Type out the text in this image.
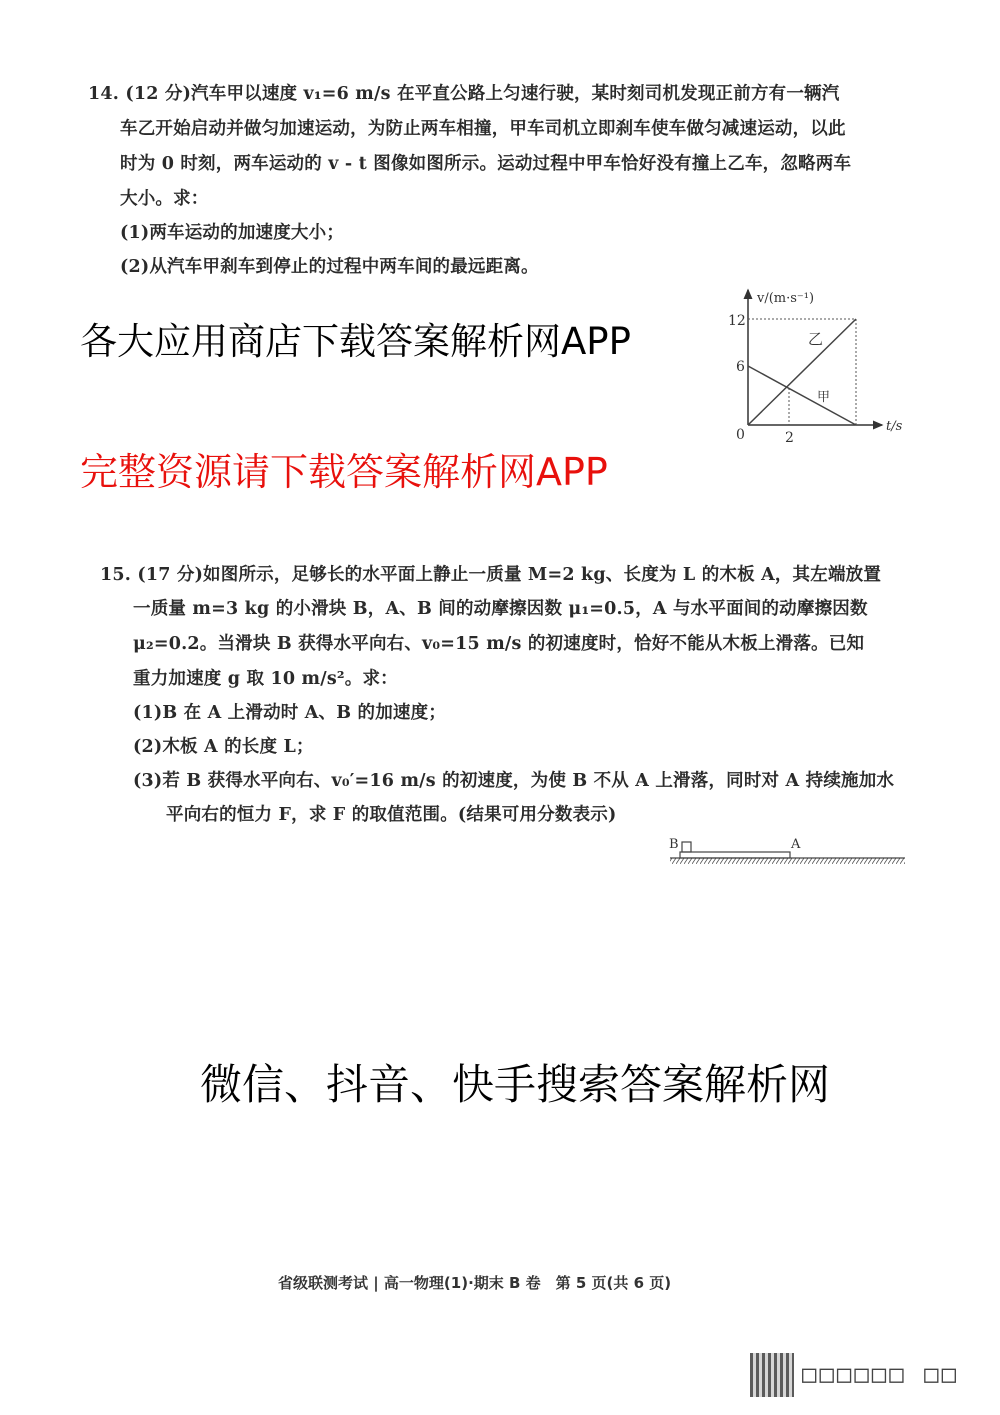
14. (12 分)汽车甲以速度 v₁=6 m/s 在平直公路上匀速行驶，某时刻司机发现正前方有一辆汽
车乙开始启动并做匀加速运动，为防止两车相撞，甲车司机立即刹车使车做匀减速运动，以此
时为 0 时刻，两车运动的 v - t 图像如图所示。运动过程中甲车恰好没有撞上乙车，忽略两车
大小。求：
(1)两车运动的加速度大小；
(2)从汽车甲刹车到停止的过程中两车间的最远距离。
v/(m·s⁻¹)
t/s
12
6
0	2
乙
甲
15. (17 分)如图所示，足够长的水平面上静止一质量 M=2 kg、长度为 L 的木板 A，其左端放置
一质量 m=3 kg 的小滑块 B，A、B 间的动摩擦因数 μ₁=0.5，A 与水平面间的动摩擦因数
μ₂=0.2。当滑块 B 获得水平向右、v₀=15 m/s 的初速度时，恰好不能从木板上滑落。已知
重力加速度 g 取 10 m/s²。求：
(1)B 在 A 上滑动时 A、B 的加速度；
(2)木板 A 的长度 L；
(3)若 B 获得水平向右、v₀′=16 m/s 的初速度，为使 B 不从 A 上滑落，同时对 A 持续施加水
平向右的恒力 F，求 F 的取值范围。(结果可用分数表示)
B	A
省级联测考试 | 高一物理(1)·期末 B 卷　第 5 页(共 6 页)
□□□□□□ □□
各大应用商店下载答案解析网APP
完整资源请下载答案解析网APP
微信、抖音、快手搜索答案解析网
